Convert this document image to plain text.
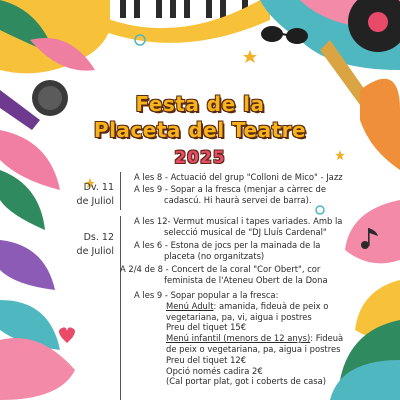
Festa de la
Placeta del Teatre
2025
Dv. 11
de Juliol
Ds. 12
de Juliol
A les 8 - Actuació del grup "Colloni de Mico" - Jazz
A les 9 - Sopar a la fresca (menjar a càrrec de
cadascú. Hi haurà servei de barra).
A les 12- Vermut musical i tapes variades. Amb la
selecció musical de "DJ Lluís Cardenal"
A les 6 - Estona de jocs per la mainada de la
placeta (no organitzats)
A 2/4 de 8 - Concert de la coral "Cor Obert", cor
feminista de l'Ateneu Obert de la Dona
A les 9 - Sopar popular a la fresca:
Menú Adult: amanida, fideuà de peix o
vegetariana, pa, vi, aigua i postres
Preu del tiquet 15€
Menú infantil (menors de 12 anys): Fideuà
de peix o vegetariana, pa, aigua i postres
Preu del tiquet 12€
Opció només cadira 2€
(Cal portar plat, got i coberts de casa)
